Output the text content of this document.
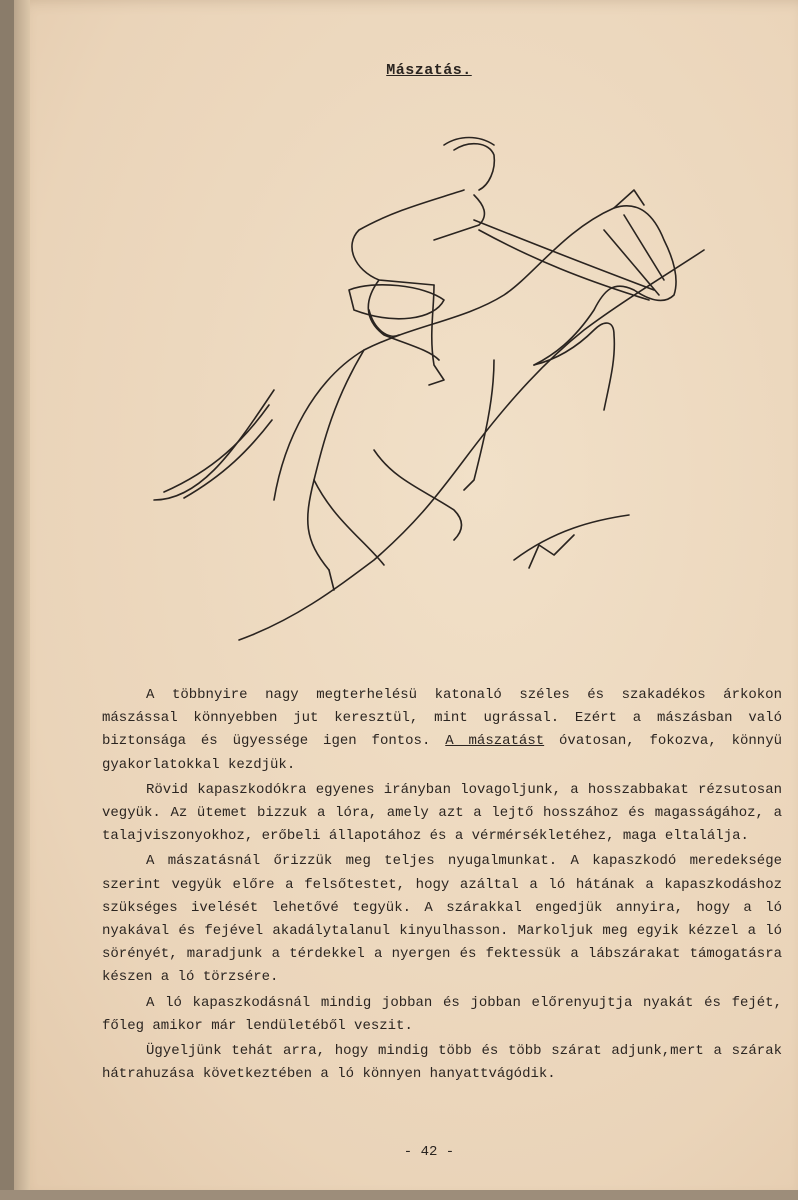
Mászatás.

A többnyire nagy megterhelésü katonaló széles és szakadékos árkokon mászással könnyebben jut keresztül, mint ugrással. Ezért a mászásban való biztonsága és ügyessége igen fontos. A mászatást óvatosan, fokozva, könnyü gyakorlatokkal kezdjük.

Rövid kapaszkodókra egyenes irányban lovagoljunk, a hosszabbakat rézsutosan vegyük. Az ütemet bizzuk a lóra, amely azt a lejtő hosszához és magasságához, a talajviszonyokhoz, erőbeli állapotához és a vérmérsékletéhez, maga eltalálja.

A mászatásnál őrizzük meg teljes nyugalmunkat. A kapaszkodó meredeksége szerint vegyük előre a felsőtestet, hogy azáltal a ló hátának a kapaszkodáshoz szükséges ivelését lehetővé tegyük. A szárakkal engedjük annyira, hogy a ló nyakával és fejével akadálytalanul kinyulhasson. Markoljuk meg egyik kézzel a ló sörényét, maradjunk a térdekkel a nyergen és fektessük a lábszárakat támogatásra készen a ló törzsére.

A ló kapaszkodásnál mindig jobban és jobban előrenyujtja nyakát és fejét, főleg amikor már lendületéből veszit.

Ügyeljünk tehát arra, hogy mindig több és több szárat adjunk,mert a szárak hátrahuzása következtében a ló könnyen hanyattvágódik.

- 42 -
